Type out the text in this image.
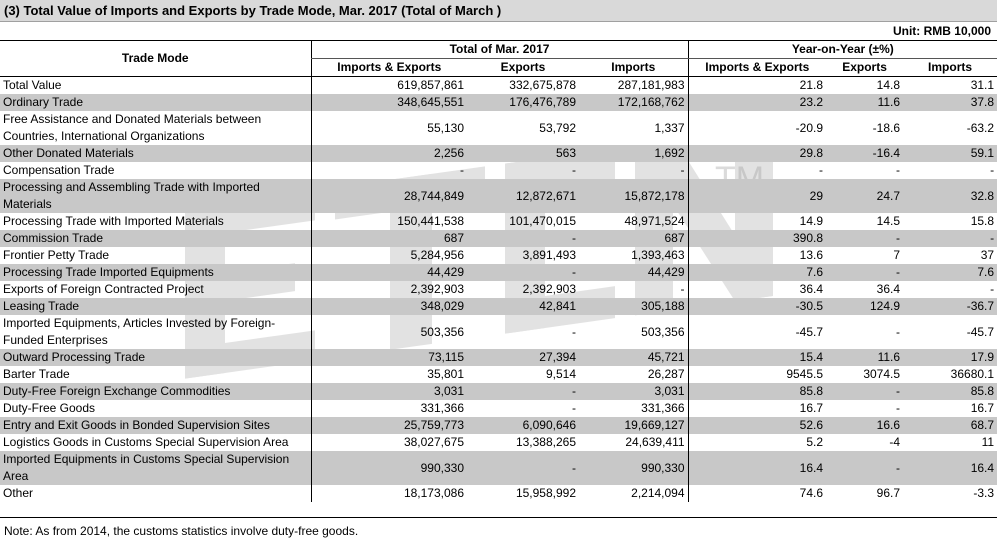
(3) Total Value of Imports and Exports by Trade Mode, Mar. 2017 (Total of March )
Unit: RMB 10,000
Trade Mode	Total of Mar. 2017			Year-on-Year (±%)		
	Imports & Exports	Exports	Imports	Imports & Exports	Exports	Imports
Total Value	619,857,861	332,675,878	287,181,983	21.8	14.8	31.1
Ordinary Trade	348,645,551	176,476,789	172,168,762	23.2	11.6	37.8
Free Assistance and Donated Materials between Countries, International Organizations	55,130	53,792	1,337	-20.9	-18.6	-63.2
Other Donated Materials	2,256	563	1,692	29.8	-16.4	59.1
Compensation Trade	-	-	-	-	-	-
Processing and Assembling Trade with Imported Materials	28,744,849	12,872,671	15,872,178	29	24.7	32.8
Processing Trade with Imported Materials	150,441,538	101,470,015	48,971,524	14.9	14.5	15.8
Commission Trade	687	-	687	390.8	-	-
Frontier Petty Trade	5,284,956	3,891,493	1,393,463	13.6	7	37
Processing Trade Imported Equipments	44,429	-	44,429	7.6	-	7.6
Exports of Foreign Contracted Project	2,392,903	2,392,903	-	36.4	36.4	-
Leasing Trade	348,029	42,841	305,188	-30.5	124.9	-36.7
Imported Equipments, Articles Invested by Foreign-Funded Enterprises	503,356	-	503,356	-45.7	-	-45.7
Outward Processing Trade	73,115	27,394	45,721	15.4	11.6	17.9
Barter Trade	35,801	9,514	26,287	9545.5	3074.5	36680.1
Duty-Free Foreign Exchange Commodities	3,031	-	3,031	85.8	-	85.8
Duty-Free Goods	331,366	-	331,366	16.7	-	16.7
Entry and Exit Goods in Bonded Supervision Sites	25,759,773	6,090,646	19,669,127	52.6	16.6	68.7
Logistics Goods in Customs Special Supervision Area	38,027,675	13,388,265	24,639,411	5.2	-4	11
Imported Equipments in Customs Special Supervision Area	990,330	-	990,330	16.4	-	16.4
Other	18,173,086	15,958,992	2,214,094	74.6	96.7	-3.3
Note: As from 2014, the customs statistics involve duty-free goods.
